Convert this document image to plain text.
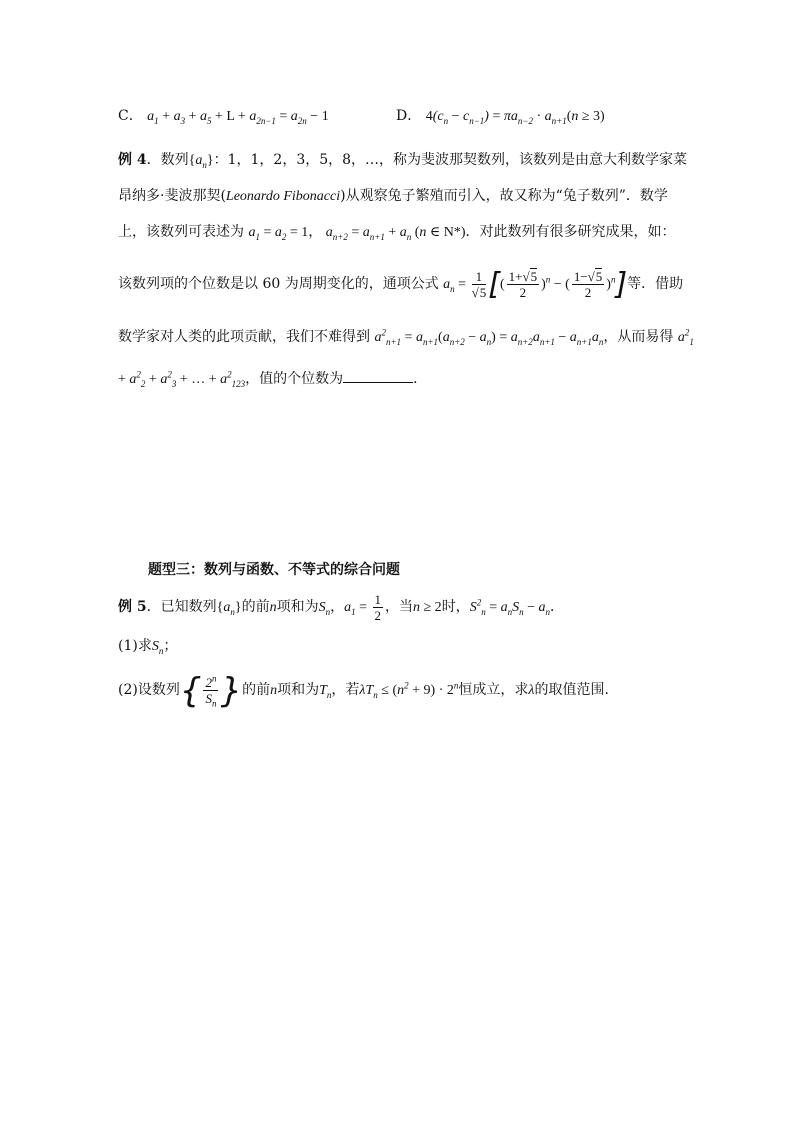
C． $a_1 + a_3 + a_5 + L + a_{2n-1} = a_{2n} - 1$	D． $4(c_n - c_{n-1}) = \pi a_{n-2} \cdot a_{n+1}(n \ge 3)$
例 4．数列$\{a_n\}$：1，1，2，3，5，8，…，称为斐波那契数列，该数列是由意大利数学家菜
昂纳多·斐波那契(Leonardo Fibonacci)从观察兔子繁殖而引入，故又称为“兔子数列”．数学
上，该数列可表述为 $a_1 = a_2 = 1$， $a_{n+2} = a_{n+1} + a_n$ (n ∈ N*)．对此数列有很多研究成果，如：
该数列项的个位数是以 60 为周期变化的，通项公式 $a_n = \frac{1}{√5}$ [( $\frac{1+√5}{2} )^n$ − ( $\frac{1-√5}{2} )^n$]等．借助
数学家对人类的此项贡献，我们不难得到 $a^2_{n+1} = a_{n+1}(a_{n+2} - a_n) = a_{n+2}a_{n+1} - a_{n+1}a_n$，从而易得 $a^2_1$
+ $a^2_2 + a^2_3$ + … + $a^2_{123}$，值的个位数为	．
题型三：数列与函数、不等式的综合问题
例 5．已知数列$\{a_n\}$的前n项和为$S_n$，$a_1 = \frac{1}{2}$ ，当n ≥ 2时，$S^2_n = a_nS_n - a_n$．
(1)求$S_n$；
(2)设数列{ $\frac{2^n}{S_n}$ }的前n项和为$T_n$，若$\lambda T_n \le (n^2 + 9) \cdot 2^n$恒成立，求λ的取值范围.
